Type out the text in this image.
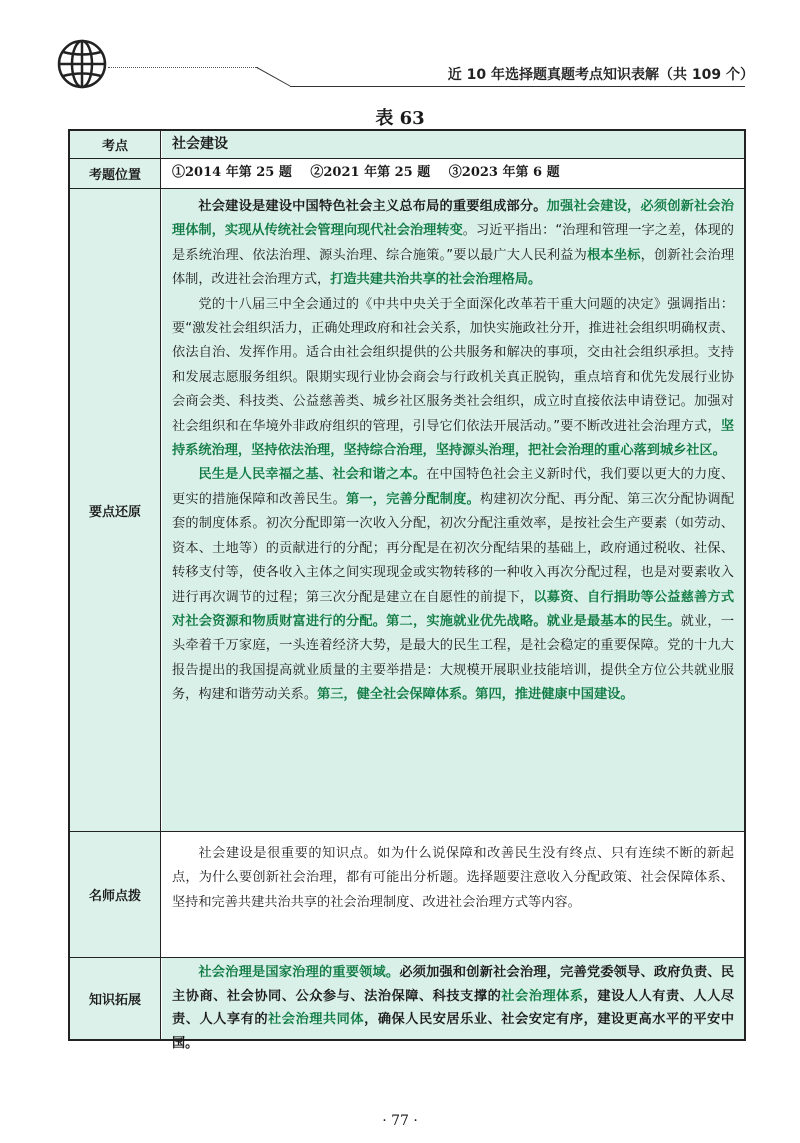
近 10 年选择题真题考点知识表解（共 109 个）
表 63
考点	社会建设
考题位置	①2014 年第 25 题 ②2021 年第 25 题 ③2023 年第 6 题
要点还原

社会建设是建设中国特色社会主义总布局的重要组成部分。加强社会建设，必须创新社会治理体制，实现从传统社会管理向现代社会治理转变。习近平指出：“治理和管理一字之差，体现的是系统治理、依法治理、源头治理、综合施策。”要以最广大人民利益为根本坐标，创新社会治理体制，改进社会治理方式，打造共建共治共享的社会治理格局。

党的十八届三中全会通过的《中共中央关于全面深化改革若干重大问题的决定》强调指出：要“激发社会组织活力，正确处理政府和社会关系，加快实施政社分开，推进社会组织明确权责、依法自治、发挥作用。适合由社会组织提供的公共服务和解决的事项，交由社会组织承担。支持和发展志愿服务组织。限期实现行业协会商会与行政机关真正脱钩，重点培育和优先发展行业协会商会类、科技类、公益慈善类、城乡社区服务类社会组织，成立时直接依法申请登记。加强对社会组织和在华境外非政府组织的管理，引导它们依法开展活动。”要不断改进社会治理方式，坚持系统治理，坚持依法治理，坚持综合治理，坚持源头治理，把社会治理的重心落到城乡社区。

民生是人民幸福之基、社会和谐之本。在中国特色社会主义新时代，我们要以更大的力度、更实的措施保障和改善民生。第一，完善分配制度。构建初次分配、再分配、第三次分配协调配套的制度体系。初次分配即第一次收入分配，初次分配注重效率，是按社会生产要素（如劳动、资本、土地等）的贡献进行的分配；再分配是在初次分配结果的基础上，政府通过税收、社保、转移支付等，使各收入主体之间实现现金或实物转移的一种收入再次分配过程，也是对要素收入进行再次调节的过程；第三次分配是建立在自愿性的前提下，以募资、自行捐助等公益慈善方式对社会资源和物质财富进行的分配。第二，实施就业优先战略。就业是最基本的民生。就业，一头牵着千万家庭，一头连着经济大势，是最大的民生工程，是社会稳定的重要保障。党的十九大报告提出的我国提高就业质量的主要举措是：大规模开展职业技能培训，提供全方位公共就业服务，构建和谐劳动关系。第三，健全社会保障体系。第四，推进健康中国建设。

名师点拨

社会建设是很重要的知识点。如为什么说保障和改善民生没有终点、只有连续不断的新起点，为什么要创新社会治理，都有可能出分析题。选择题要注意收入分配政策、社会保障体系、坚持和完善共建共治共享的社会治理制度、改进社会治理方式等内容。

知识拓展

社会治理是国家治理的重要领域。必须加强和创新社会治理，完善党委领导、政府负责、民主协商、社会协同、公众参与、法治保障、科技支撑的社会治理体系，建设人人有责、人人尽责、人人享有的社会治理共同体，确保人民安居乐业、社会安定有序，建设更高水平的平安中国。

· 77 ·
